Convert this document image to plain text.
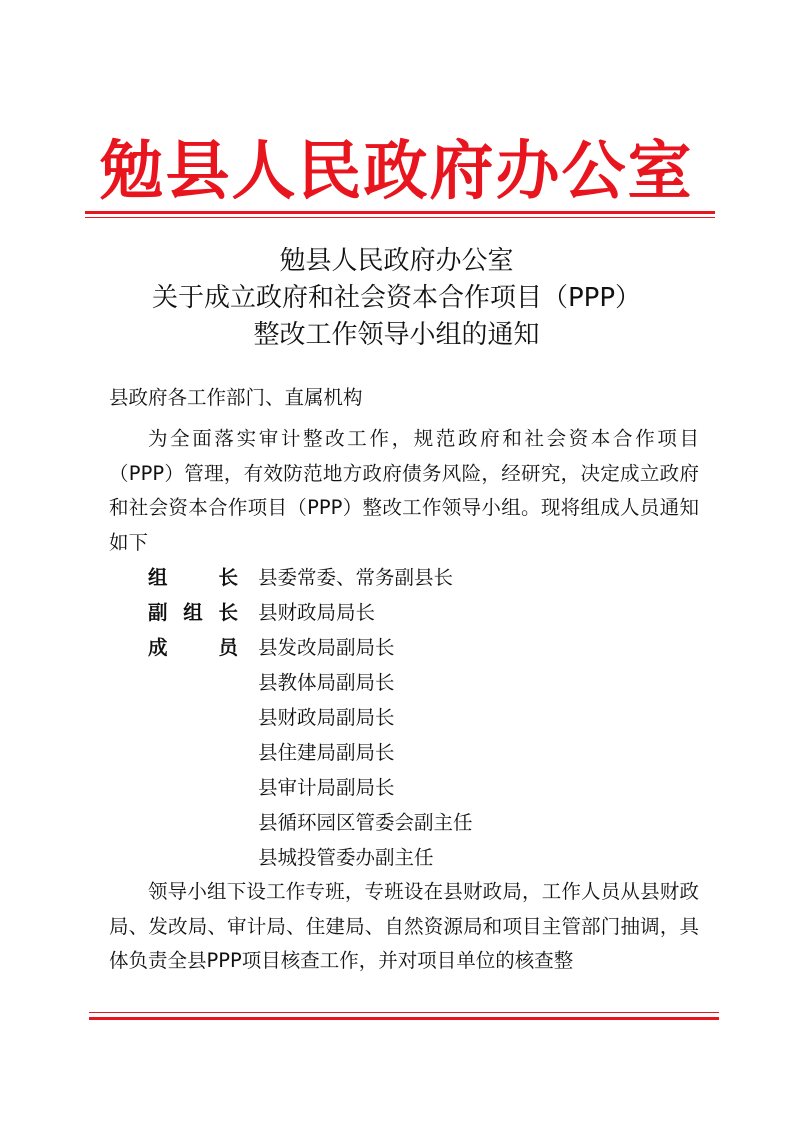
勉县人民政府办公室
勉县人民政府办公室
关于成立政府和社会资本合作项目（PPP）
整改工作领导小组的通知
县政府各工作部门、直属机构
为全面落实审计整改工作，规范政府和社会资本合作项目（PPP）管理，有效防范地方政府债务风险，经研究，决定成立政府和社会资本合作项目（PPP）整改工作领导小组。现将组成人员通知如下
组　长 县委常委、常务副县长
副组长 县财政局局长
成　员 县发改局副局长
县教体局副局长
县财政局副局长
县住建局副局长
县审计局副局长
县循环园区管委会副主任
县城投管委办副主任
领导小组下设工作专班，专班设在县财政局，工作人员从县财政局、发改局、审计局、住建局、自然资源局和项目主管部门抽调，具体负责全县PPP项目核查工作，并对项目单位的核查整
